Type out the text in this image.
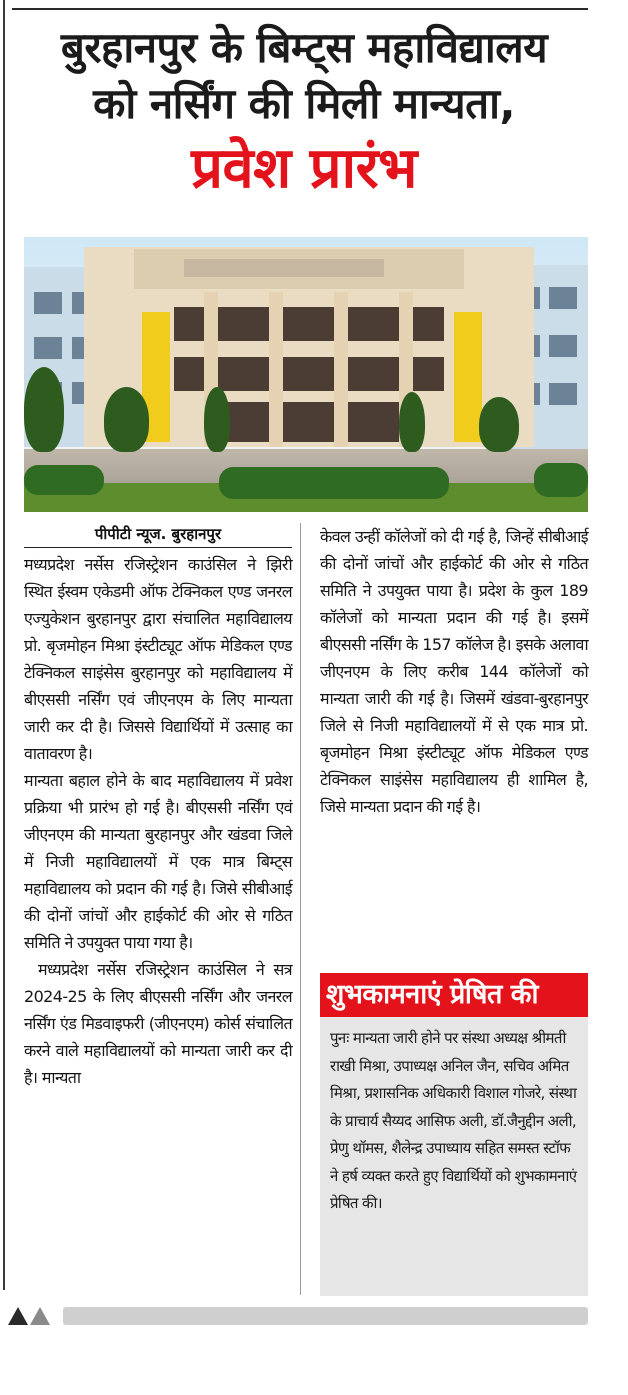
बुरहानपुर के बिम्ट्स महाविद्यालय
को नर्सिंग की मिली मान्यता,
प्रवेश प्रारंभ
पीपीटी न्यूज. बुरहानपुर

मध्यप्रदेश नर्सेस रजिस्ट्रेशन काउंसिल ने झिरी स्थित ईस्वम एकेडमी ऑफ टेक्निकल एण्ड जनरल एज्युकेशन बुरहानपुर द्वारा संचालित महाविद्यालय प्रो. बृजमोहन मिश्रा इंस्टीट्यूट ऑफ मेडिकल एण्ड टेक्निकल साइंसेस बुरहानपुर को महाविद्यालय में बीएससी नर्सिंग एवं जीएनएम के लिए मान्यता जारी कर दी है। जिससे विद्यार्थियों में उत्साह का वातावरण है।

मान्यता बहाल होने के बाद महाविद्यालय में प्रवेश प्रक्रिया भी प्रारंभ हो गई है। बीएससी नर्सिंग एवं जीएनएम की मान्यता बुरहानपुर और खंडवा जिले में निजी महाविद्यालयों में एक मात्र बिम्ट्स महाविद्यालय को प्रदान की गई है। जिसे सीबीआई की दोनों जांचों और हाईकोर्ट की ओर से गठित समिति ने उपयुक्त पाया गया है।

मध्यप्रदेश नर्सेस रजिस्ट्रेशन काउंसिल ने सत्र 2024-25 के लिए बीएससी नर्सिंग और जनरल नर्सिंग एंड मिडवाइफरी (जीएनएम) कोर्स संचालित करने वाले महाविद्यालयों को मान्यता जारी कर दी है। मान्यता

केवल उन्हीं कॉलेजों को दी गई है, जिन्हें सीबीआई की दोनों जांचों और हाईकोर्ट की ओर से गठित समिति ने उपयुक्त पाया है। प्रदेश के कुल 189 कॉलेजों को मान्यता प्रदान की गई है। इसमें बीएससी नर्सिंग के 157 कॉलेज है। इसके अलावा जीएनएम के लिए करीब 144 कॉलेजों को मान्यता जारी की गई है। जिसमें खंडवा-बुरहानपुर जिले से निजी महाविद्यालयों में से एक मात्र प्रो. बृजमोहन मिश्रा इंस्टीट्यूट ऑफ मेडिकल एण्ड टेक्निकल साइंसेस महाविद्यालय ही शामिल है, जिसे मान्यता प्रदान की गई है।

शुभकामनाएं प्रेषित की
पुनः मान्यता जारी होने पर संस्था अध्यक्ष श्रीमती राखी मिश्रा, उपाध्यक्ष अनिल जैन, सचिव अमित मिश्रा, प्रशासनिक अधिकारी विशाल गोजरे, संस्था के प्राचार्य सैय्यद आसिफ अली, डॉ.जैनुद्दीन अली, प्रेणु थॉमस, शैलेन्द्र उपाध्याय सहित समस्त स्टॉफ ने हर्ष व्यक्त करते हुए विद्यार्थियों को शुभकामनाएं प्रेषित की।
